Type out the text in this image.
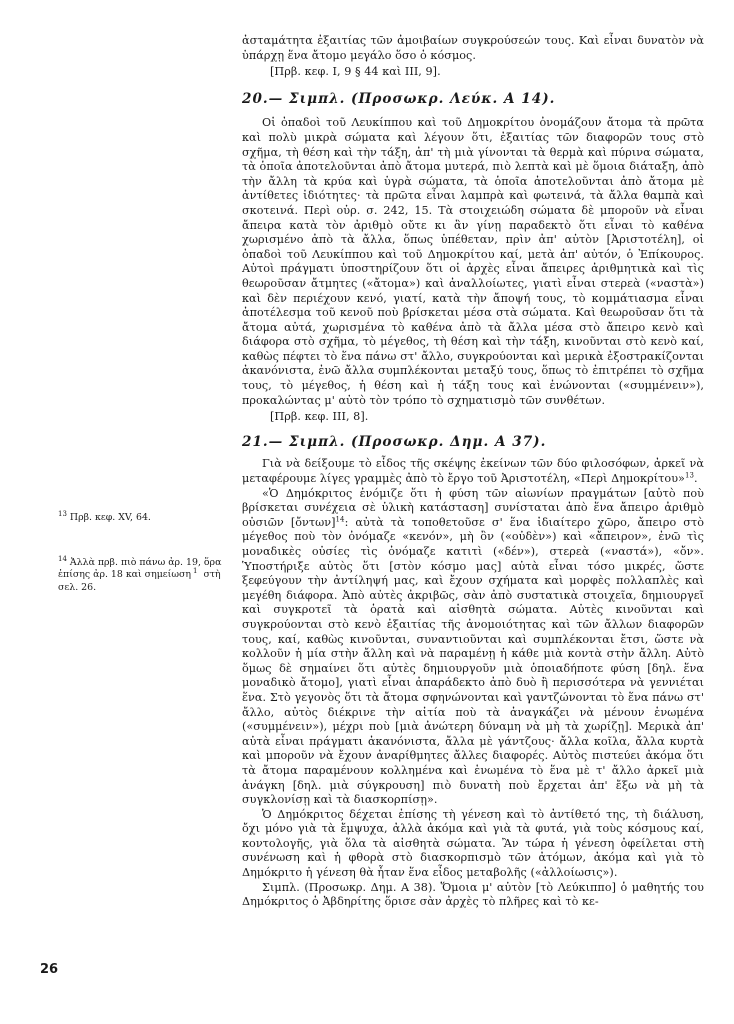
ἀσταμάτητα ἐξαιτίας τῶν ἀμοιβαίων συγκρούσεών τους. Καὶ εἶναι δυνατὸν νὰ ὑπάρχῃ ἕνα ἄτομο μεγάλο ὅσο ὁ κόσμος.

[Πρβ. κεφ. Ι, 9 § 44 καὶ ΙΙΙ, 9].

20.— Σιμπλ. (Προσωκρ. Λεύκ. Α 14).

Οἱ ὀπαδοὶ τοῦ Λευκίππου καὶ τοῦ Δημοκρίτου ὀνομάζουν ἄτομα τὰ πρῶτα καὶ πολὺ μικρὰ σώματα καὶ λέγουν ὅτι, ἐξαιτίας τῶν διαφορῶν τους στὸ σχῆμα, τὴ θέση καὶ τὴν τάξη, ἀπ' τὴ μιὰ γίνονται τὰ θερμὰ καὶ πύρινα σώματα, τὰ ὁποῖα ἀποτελοῦνται ἀπὸ ἄτομα μυτερά, πιὸ λεπτὰ καὶ μὲ ὅμοια διάταξη, ἀπὸ τὴν ἄλλη τὰ κρύα καὶ ὑγρὰ σώματα, τὰ ὁποῖα ἀποτελοῦνται ἀπὸ ἄτομα μὲ ἀντίθετες ἰδιότητες· τὰ πρῶτα εἶναι λαμπρὰ καὶ φωτεινά, τὰ ἄλλα θαμπὰ καὶ σκοτεινά. Περὶ οὐρ. σ. 242, 15. Τὰ στοιχειώδη σώματα δὲ μποροῦν νὰ εἶναι ἄπειρα κατὰ τὸν ἀριθμὸ οὔτε κι ἂν γίνῃ παραδεκτὸ ὅτι εἶναι τὸ καθένα χωρισμένο ἀπὸ τὰ ἄλλα, ὅπως ὑπέθεταν, πρὶν ἀπ' αὐτὸν [Ἀριστοτέλη], οἱ ὀπαδοὶ τοῦ Λευκίππου καὶ τοῦ Δημοκρίτου καί, μετὰ ἀπ' αὐτόν, ὁ Ἐπίκουρος. Αὐτοὶ πράγματι ὑποστηρίζουν ὅτι οἱ ἀρχὲς εἶναι ἄπειρες ἀριθμητικὰ καὶ τὶς θεωροῦσαν ἄτμητες («ἄτομα») καὶ ἀναλλοίωτες, γιατὶ εἶναι στερεὰ («ναστὰ») καὶ δὲν περιέχουν κενό, γιατί, κατὰ τὴν ἄποψή τους, τὸ κομμάτιασμα εἶναι ἀποτέλεσμα τοῦ κενοῦ ποὺ βρίσκεται μέσα στὰ σώματα. Καὶ θεωροῦσαν ὅτι τὰ ἄτομα αὐτά, χωρισμένα τὸ καθένα ἀπὸ τὰ ἄλλα μέσα στὸ ἄπειρο κενὸ καὶ διάφορα στὸ σχῆμα, τὸ μέγεθος, τὴ θέση καὶ τὴν τάξη, κινοῦνται στὸ κενὸ καί, καθὼς πέφτει τὸ ἕνα πάνω στ' ἄλλο, συγκρούονται καὶ μερικὰ ἐξοστρακίζονται ἀκανόνιστα, ἐνῶ ἄλλα συμπλέκονται μεταξύ τους, ὅπως τὸ ἐπιτρέπει τὸ σχῆμα τους, τὸ μέγεθος, ἡ θέση καὶ ἡ τάξη τους καὶ ἑνώνονται («συμμένειν»), προκαλώντας μ' αὐτὸ τὸν τρόπο τὸ σχηματισμὸ τῶν συνθέτων.

[Πρβ. κεφ. ΙΙΙ, 8].

21.— Σιμπλ. (Προσωκρ. Δημ. Α 37).

Γιὰ νὰ δείξουμε τὸ εἶδος τῆς σκέψης ἐκείνων τῶν δύο φιλοσόφων, ἀρκεῖ νὰ μεταφέρουμε λίγες γραμμὲς ἀπὸ τὸ ἔργο τοῦ Ἀριστοτέλη, «Περὶ Δημοκρίτου»$^{13}$.

«Ὁ Δημόκριτος ἐνόμιζε ὅτι ἡ φύση τῶν αἰωνίων πραγμάτων [αὐτὸ ποὺ βρίσκεται συνέχεια σὲ ὑλικὴ κατάσταση] συνίσταται ἀπὸ ἕνα ἄπειρο ἀριθμὸ οὐσιῶν [ὄντων]$^{14}$: αὐτὰ τὰ τοποθετοῦσε σ' ἕνα ἰδιαίτερο χῶρο, ἄπειρο στὸ μέγεθος ποὺ τὸν ὀνόμαζε «κενόν», μὴ ὂν («οὐδὲν») καὶ «ἄπειρον», ἐνῶ τὶς μοναδικὲς οὐσίες τὶς ὀνόμαζε κατιτὶ («δέν»), στερεὰ («ναστά»), «ὄν». Ὑποστήριξε αὐτὸς ὅτι [στὸν κόσμο μας] αὐτὰ εἶναι τόσο μικρές, ὥστε ξεφεύγουν τὴν ἀντίληψή μας, καὶ ἔχουν σχήματα καὶ μορφὲς πολλαπλὲς καὶ μεγέθη διάφορα. Ἀπὸ αὐτὲς ἀκριβῶς, σὰν ἀπὸ συστατικὰ στοιχεῖα, δημιουργεῖ καὶ συγκροτεῖ τὰ ὁρατὰ καὶ αἰσθητὰ σώματα. Αὐτὲς κινοῦνται καὶ συγκρούονται στὸ κενὸ ἐξαιτίας τῆς ἀνομοιότητας καὶ τῶν ἄλλων διαφορῶν τους, καί, καθὼς κινοῦνται, συναντιοῦνται καὶ συμπλέκονται ἔτσι, ὥστε νὰ κολλοῦν ἡ μία στὴν ἄλλη καὶ νὰ παραμένῃ ἡ κάθε μιὰ κοντὰ στὴν ἄλλη. Αὐτὸ ὅμως δὲ σημαίνει ὅτι αὐτὲς δημιουργοῦν μιὰ ὁποιαδήποτε φύση [δηλ. ἕνα μοναδικὸ ἄτομο], γιατὶ εἶναι ἀπαράδεκτο ἀπὸ δυὸ ἢ περισσότερα νὰ γεννιέται ἕνα. Στὸ γεγονὸς ὅτι τὰ ἄτομα σφηνώνονται καὶ γαντζώνονται τὸ ἕνα πάνω στ' ἄλλο, αὐτὸς διέκρινε τὴν αἰτία ποὺ τὰ ἀναγκάζει νὰ μένουν ἑνωμένα («συμμένειν»), μέχρι ποὺ [μιὰ ἀνώτερη δύναμη νὰ μὴ τὰ χωρίζῃ]. Μερικὰ ἀπ' αὐτὰ εἶναι πράγματι ἀκανόνιστα, ἄλλα μὲ γάντζους· ἄλλα κοῖλα, ἄλλα κυρτὰ καὶ μποροῦν νὰ ἔχουν ἀναρίθμητες ἄλλες διαφορές. Αὐτὸς πιστεύει ἀκόμα ὅτι τὰ ἄτομα παραμένουν κολλημένα καὶ ἑνωμένα τὸ ἕνα μὲ τ' ἄλλο ἀρκεῖ μιὰ ἀνάγκη [δηλ. μιὰ σύγκρουση] πιὸ δυνατὴ ποὺ ἔρχεται ἀπ' ἔξω νὰ μὴ τὰ συγκλονίσῃ καὶ τὰ διασκορπίσῃ».

Ὁ Δημόκριτος δέχεται ἐπίσης τὴ γένεση καὶ τὸ ἀντίθετό της, τὴ διάλυση, ὄχι μόνο γιὰ τὰ ἔμψυχα, ἀλλὰ ἀκόμα καὶ γιὰ τὰ φυτά, γιὰ τοὺς κόσμους καί, κοντολογῆς, γιὰ ὅλα τὰ αἰσθητὰ σώματα. Ἂν τώρα ἡ γένεση ὀφείλεται στὴ συνένωση καὶ ἡ φθορὰ στὸ διασκορπισμὸ τῶν ἀτόμων, ἀκόμα καὶ γιὰ τὸ Δημόκριτο ἡ γένεση θὰ ἦταν ἕνα εἶδος μεταβολῆς («ἀλλοίωσις»).

Σιμπλ. (Προσωκρ. Δημ. Α 38). Ὅμοια μ' αὐτὸν [τὸ Λεύκιππο] ὁ μαθητής του Δημόκριτος ὁ Ἀβδηρίτης ὅρισε σὰν ἀρχὲς τὸ πλῆρες καὶ τὸ κε-

$^{13}$ Πρβ. κεφ. XV, 64.
$^{14}$ Ἀλλὰ πρβ. πιὸ πάνω ἀρ. 19, ὅρα ἐπίσης ἀρ. 18 καὶ σημείωση $^1$ στὴ σελ. 26.
26
